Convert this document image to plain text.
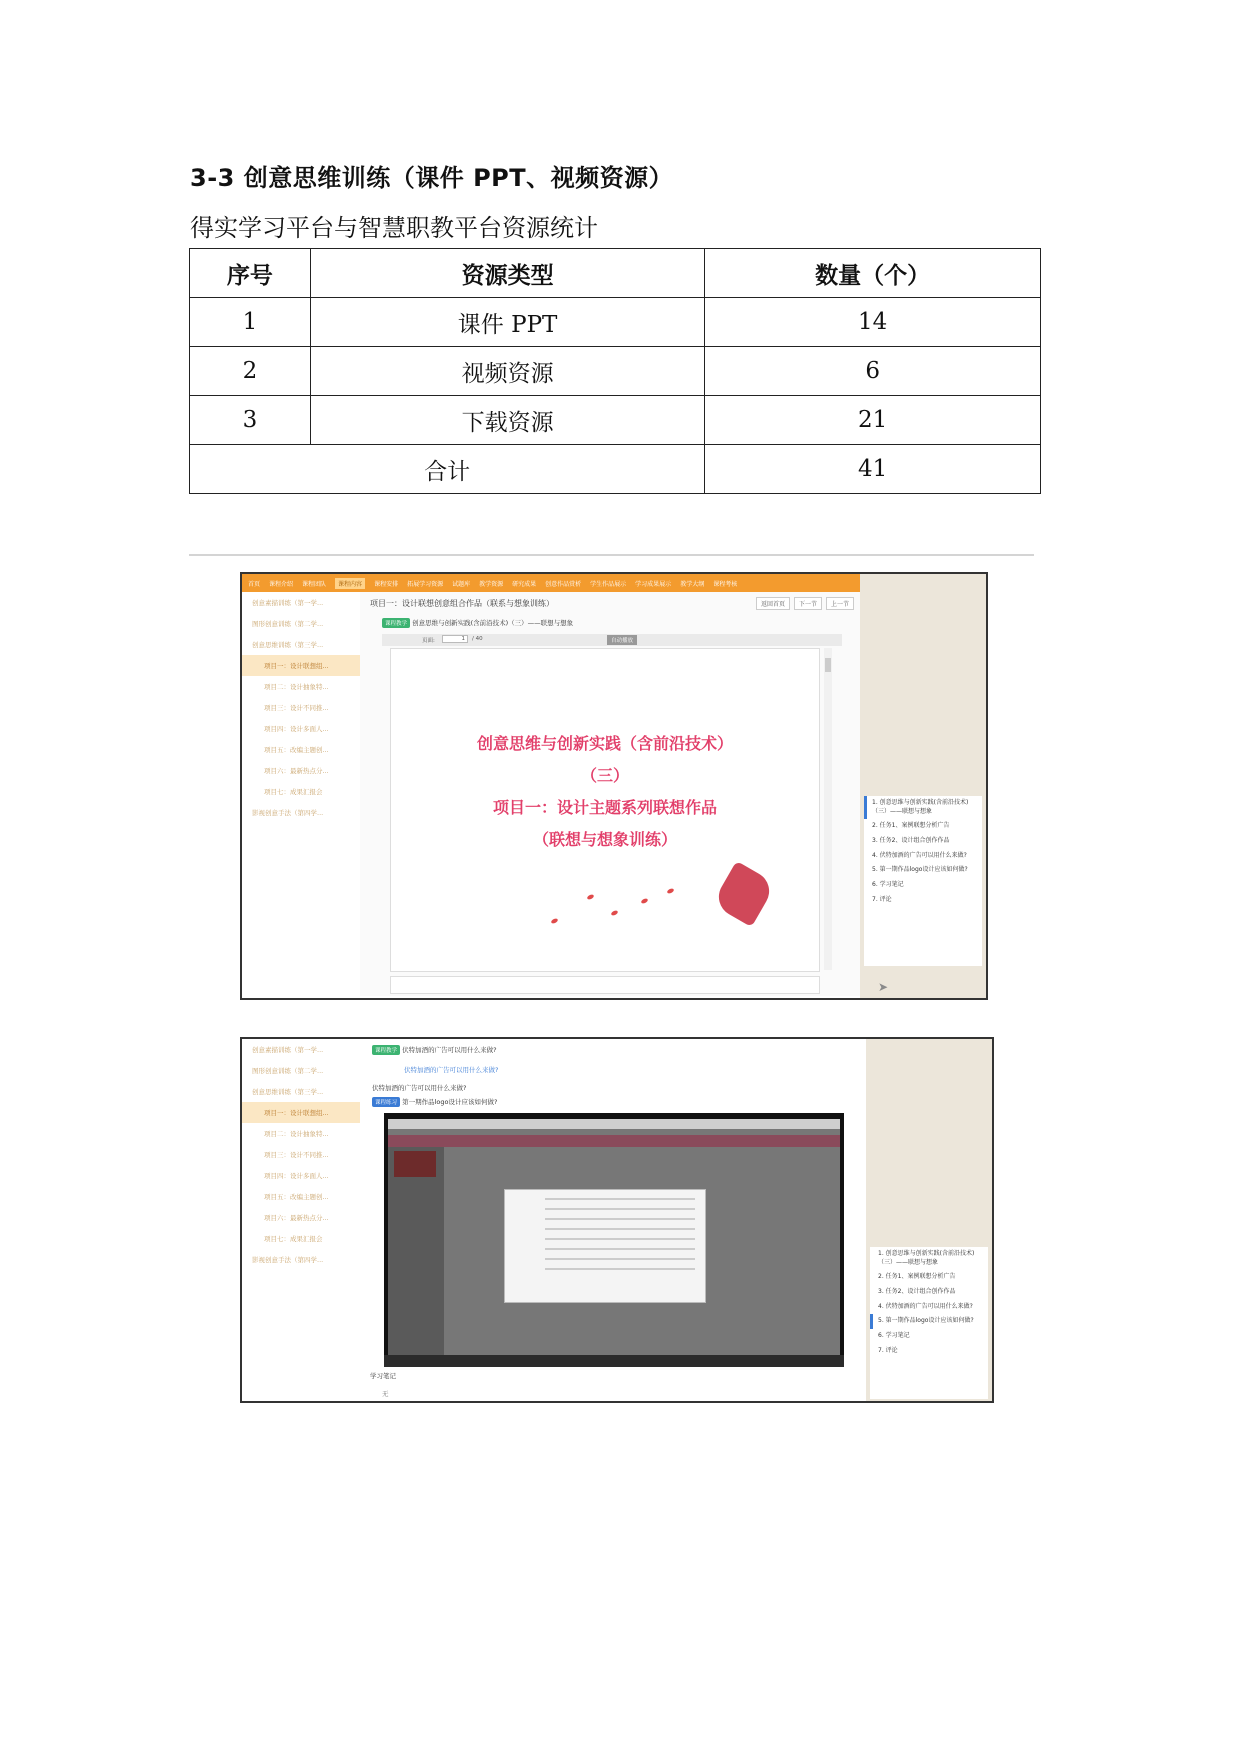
3-3 创意思维训练（课件 PPT、视频资源）
得实学习平台与智慧职教平台资源统计
序号	资源类型	数量（个）
1	课件 PPT	14
2	视频资源	6
3	下载资源	21
合计		41
首页 课程介绍 课程团队	课程内容	课程安排 拓展学习资源 试题库 教学资源 研究成果 创意作品赏析 学生作品展示 学习成果展示 教学大纲 课程考核
创意素描训练（第一学...
图形创意训练（第二学...
创意思维训练（第三学...
项目一：设计联想组...
项目二：设计抽象特...
项目三：设计不同推...
项目四：设计多面人...
项目五：改编主题创...
项目六：最新热点分...
项目七：成果汇报会
影视创意手法（第四学...
项目一：设计联想创意组合作品（联系与想象训练）	返回首页	下一节	上一节
课程教学 创意思维与创新实践(含前沿技术)（三）——联想与想象
页面:	1	/ 40	自动播放
创意思维与创新实践（含前沿技术）
（三）
项目一：设计主题系列联想作品
（联想与想象训练）
1. 创意思维与创新实践(含前沿技术)（三）——联想与想象
2. 任务1、案例联想分析广告
3. 任务2、设计组合创作作品
4. 伏特加酒的广告可以用什么来做?
5. 第一期作品logo设计应该如何做?
6. 学习笔记
7. 评论
➤
创意素描训练（第一学...
图形创意训练（第二学...
创意思维训练（第三学...
项目一：设计联想组...
项目二：设计抽象特...
项目三：设计不同推...
项目四：设计多面人...
项目五：改编主题创...
项目六：最新热点分...
项目七：成果汇报会
影视创意手法（第四学...
课程教学 伏特加酒的广告可以用什么来做?
伏特加酒的广告可以用什么来做?
伏特加酒的广告可以用什么来做?
课程练习 第一期作品logo设计应该如何做?
学习笔记
无
1. 创意思维与创新实践(含前沿技术)（三）——联想与想象
2. 任务1、案例联想分析广告
3. 任务2、设计组合创作作品
4. 伏特加酒的广告可以用什么来做?
5. 第一期作品logo设计应该如何做?
6. 学习笔记
7. 评论
